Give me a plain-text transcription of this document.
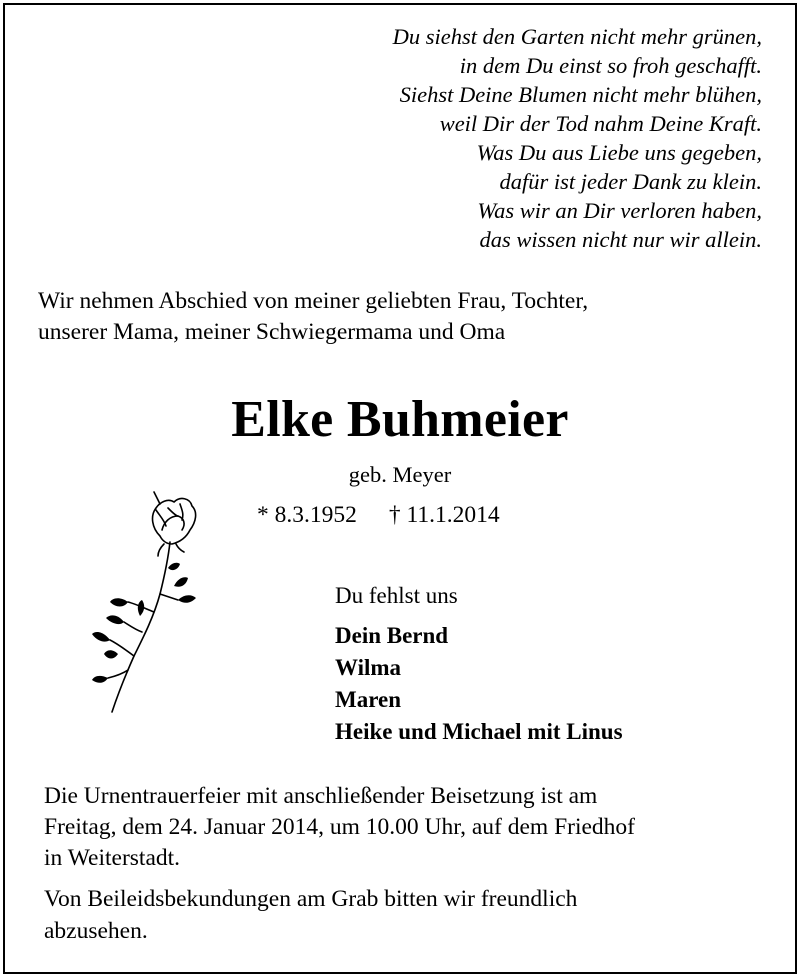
Du siehst den Garten nicht mehr grünen,
in dem Du einst so froh geschafft.
Siehst Deine Blumen nicht mehr blühen,
weil Dir der Tod nahm Deine Kraft.
Was Du aus Liebe uns gegeben,
dafür ist jeder Dank zu klein.
Was wir an Dir verloren haben,
das wissen nicht nur wir allein.
Wir nehmen Abschied von meiner geliebten Frau, Tochter,
unserer Mama, meiner Schwiegermama und Oma
Elke Buhmeier
geb. Meyer
* 8.3.1952 † 11.1.2014
Du fehlst uns
Dein Bernd
Wilma
Maren
Heike und Michael mit Linus
Die Urnentrauerfeier mit anschließender Beisetzung ist am
Freitag, dem 24. Januar 2014, um 10.00 Uhr, auf dem Friedhof
in Weiterstadt.
Von Beileidsbekundungen am Grab bitten wir freundlich
abzusehen.
